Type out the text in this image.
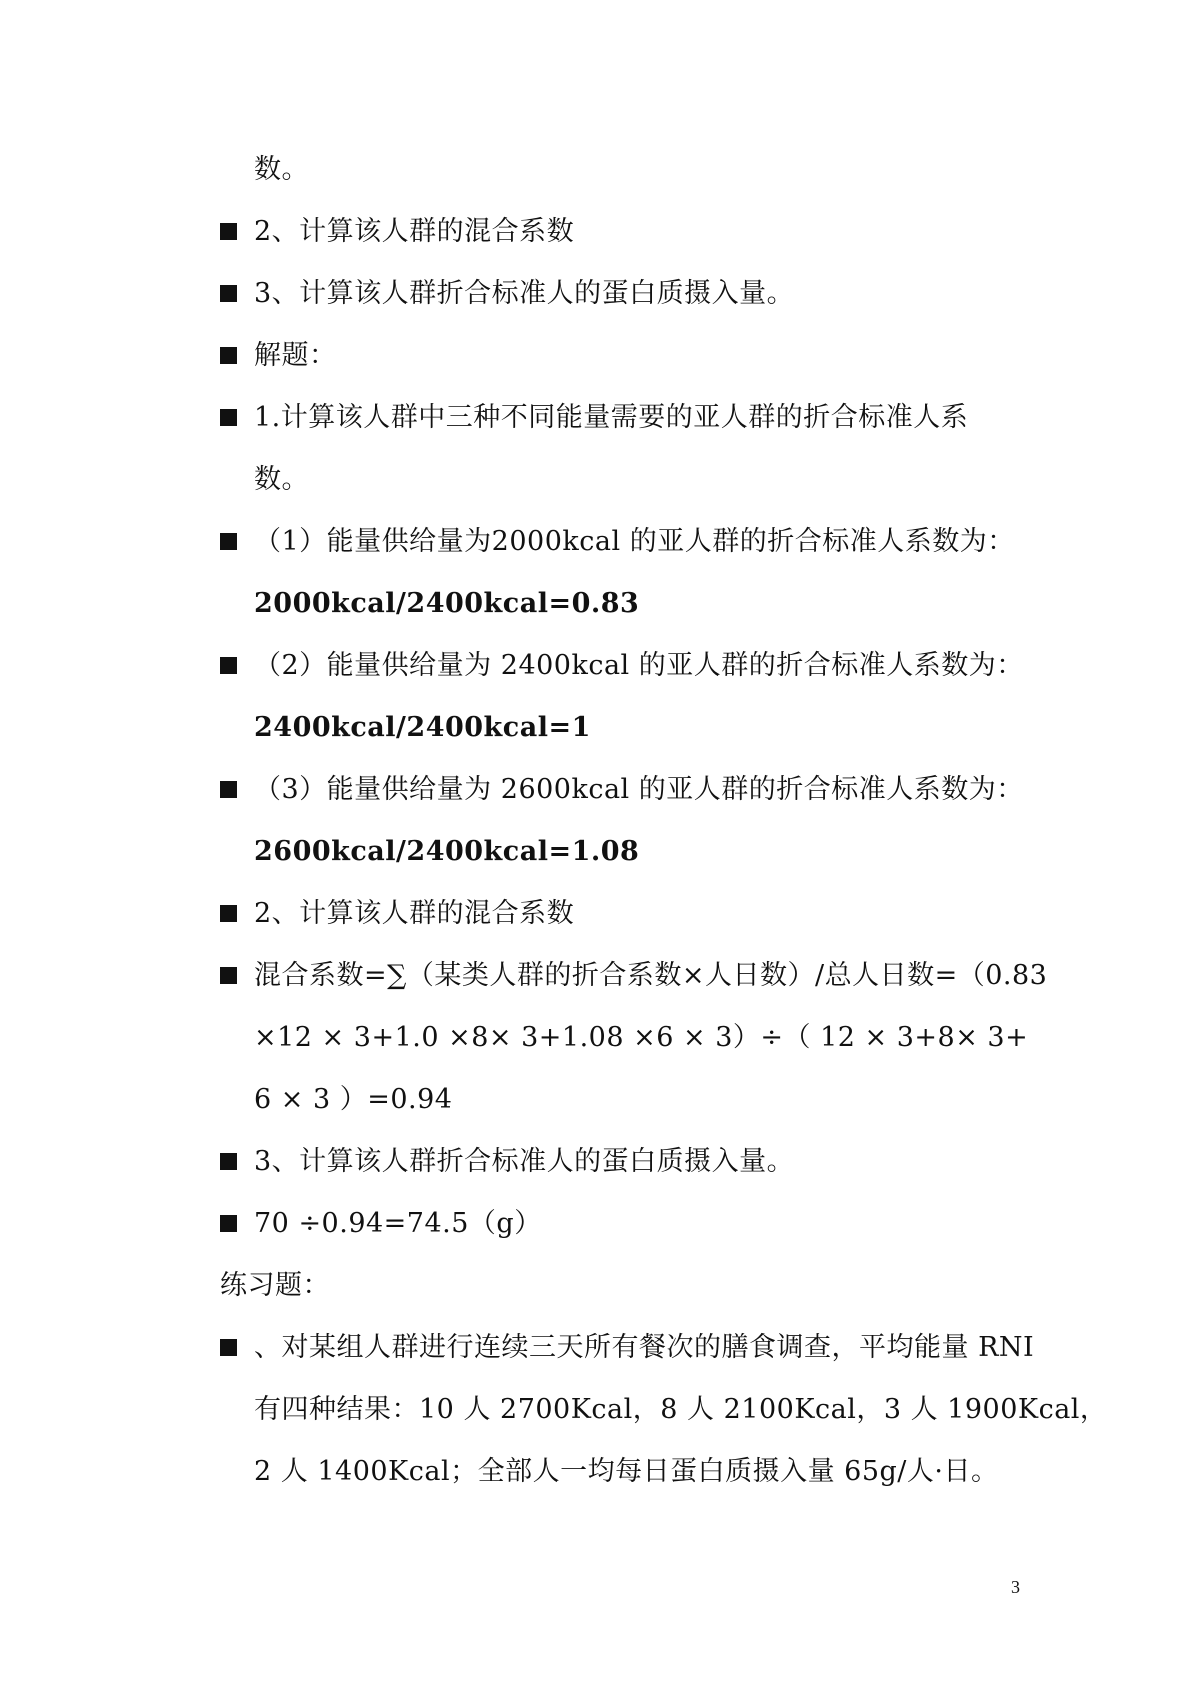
数。
2、计算该人群的混合系数
3、计算该人群折合标准人的蛋白质摄入量。
解题：
1.计算该人群中三种不同能量需要的亚人群的折合标准人系
数。
（1）能量供给量为2000kcal 的亚人群的折合标准人系数为：
2000kcal/2400kcal=0.83
（2）能量供给量为 2400kcal 的亚人群的折合标准人系数为：
2400kcal/2400kcal=1
（3）能量供给量为 2600kcal 的亚人群的折合标准人系数为：
2600kcal/2400kcal=1.08
2、计算该人群的混合系数
混合系数=∑（某类人群的折合系数×人日数）/总人日数=（0.83
×12 × 3+1.0 ×8× 3+1.08 ×6 × 3）÷（ 12 × 3+8× 3+
6 × 3 ）=0.94
3、计算该人群折合标准人的蛋白质摄入量。
70 ÷0.94=74.5（g）
练习题：
、对某组人群进行连续三天所有餐次的膳食调查，平均能量 RNI
有四种结果：10 人 2700Kcal，8 人 2100Kcal，3 人 1900Kcal，
2 人 1400Kcal；全部人一均每日蛋白质摄入量 65g/人·日。
3
